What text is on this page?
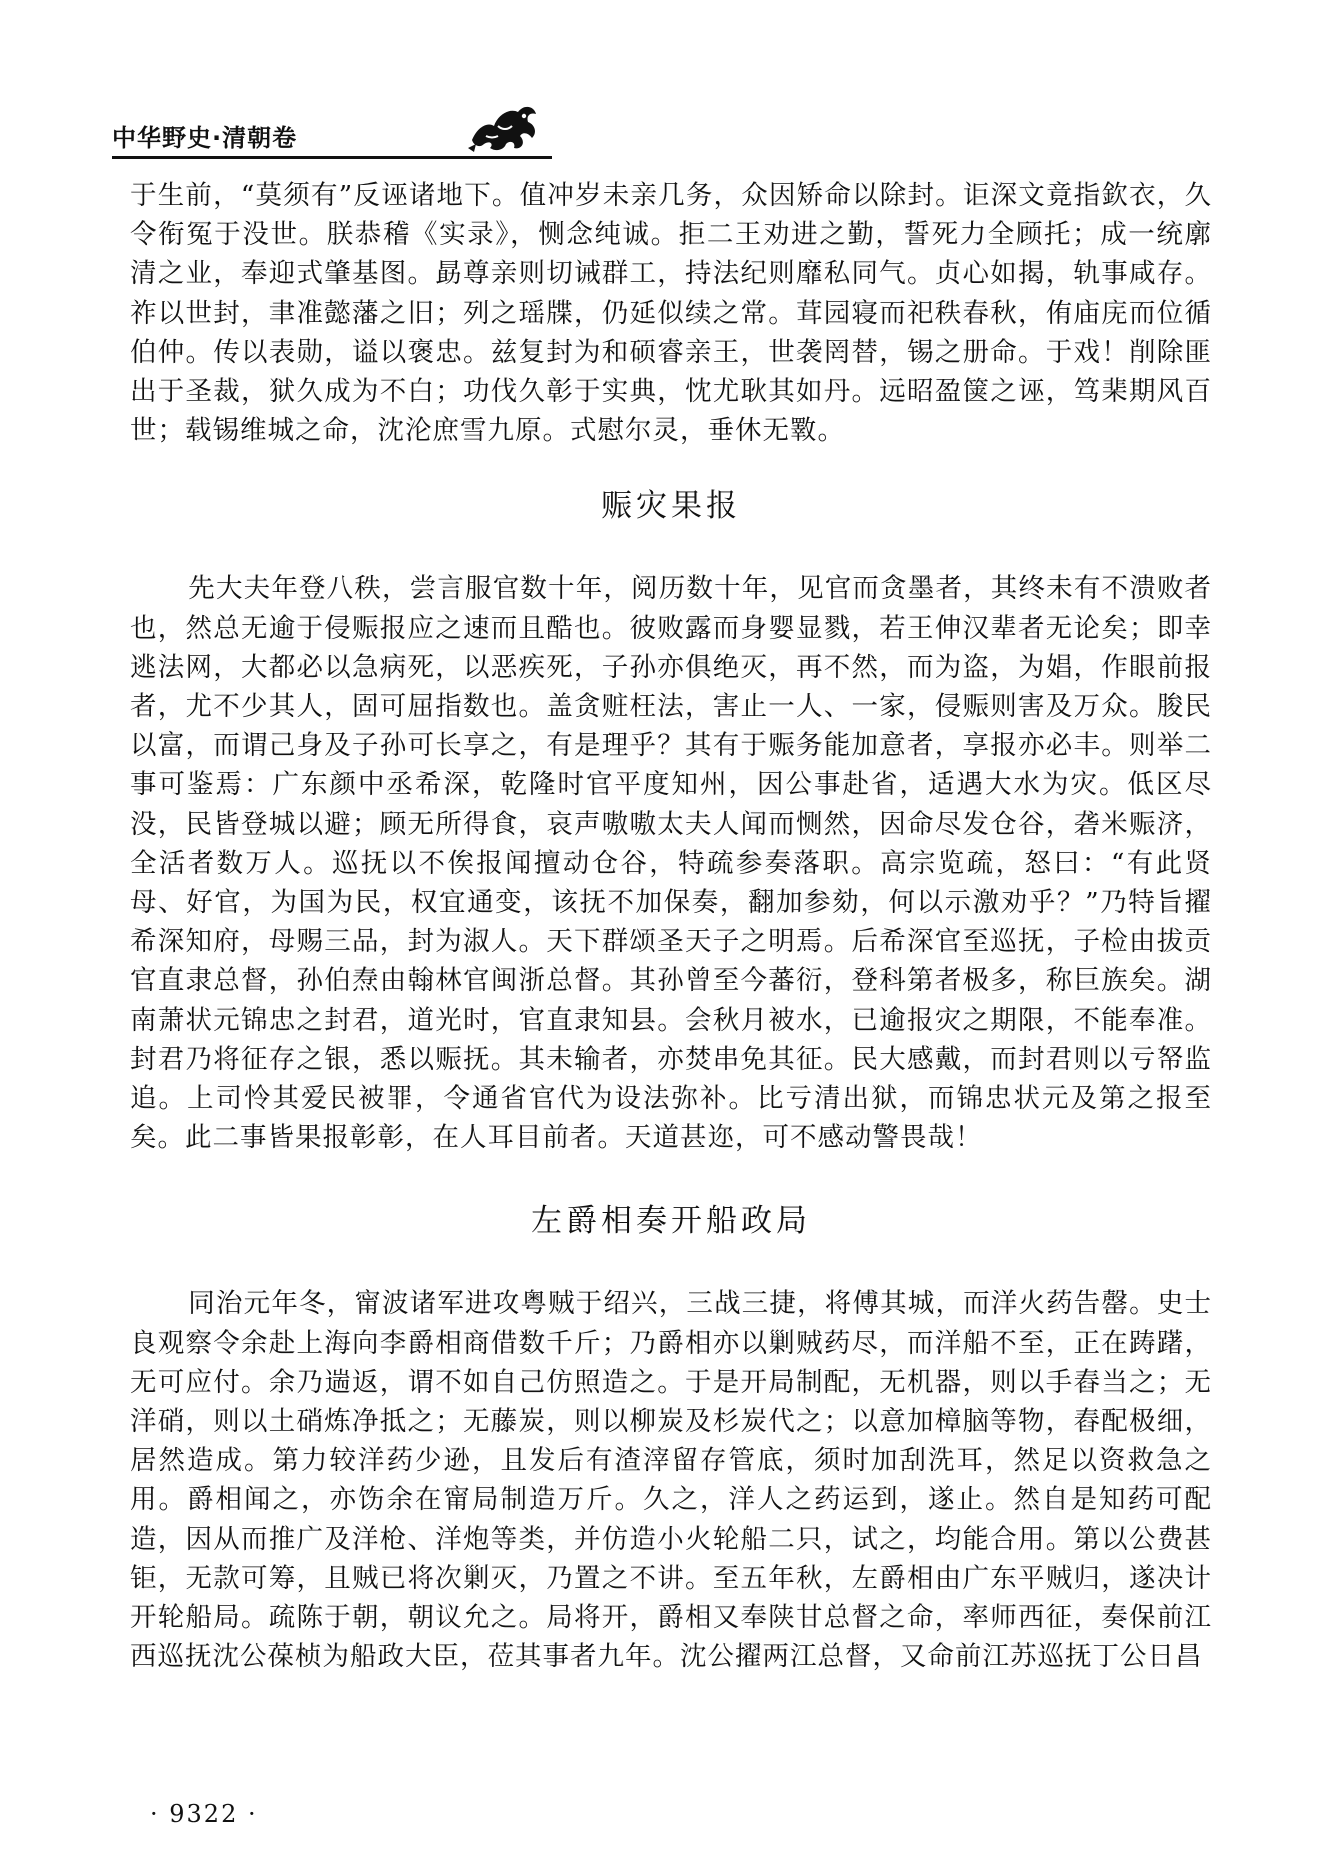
中华野史·清朝卷

于生前，“莫须有”反诬诸地下。值冲岁未亲几务，众因矫命以除封。讵深文竟指欽衣，久令衔冤于没世。朕恭稽《实录》，恻念纯诚。拒二王劝进之勤，誓死力全顾托；成一统廓清之业，奉迎式肇基图。勗尊亲则切诫群工，持法纪则靡私同气。贞心如揭，轨事咸存。祚以世封，聿准懿藩之旧；列之瑶牒，仍延似续之常。茸园寝而祀秩春秋，侑庙庑而位循伯仲。传以表勋，谥以褒忠。兹复封为和硕睿亲王，世袭罔替，锡之册命。于戏！削除匪出于圣裁，狱久成为不白；功伐久彰于实典，忱尤耿其如丹。远昭盈箧之诬，笃棐期风百世；载锡维城之命，沈沦庶雪九原。式慰尔灵，垂休无斁。

赈灾果报

先大夫年登八秩，尝言服官数十年，阅历数十年，见官而贪墨者，其终未有不溃败者也，然总无逾于侵赈报应之速而且酷也。彼败露而身婴显戮，若王伸汉辈者无论矣；即幸逃法网，大都必以急病死，以恶疾死，子孙亦俱绝灭，再不然，而为盗，为娼，作眼前报者，尤不少其人，固可屈指数也。盖贪赃枉法，害止一人、一家，侵赈则害及万众。朘民以富，而谓己身及子孙可长享之，有是理乎？其有于赈务能加意者，享报亦必丰。则举二事可鉴焉：广东颜中丞希深，乾隆时官平度知州，因公事赴省，适遇大水为灾。低区尽没，民皆登城以避；顾无所得食，哀声嗷嗷太夫人闻而恻然，因命尽发仓谷，砻米赈济，全活者数万人。巡抚以不俟报闻擅动仓谷，特疏参奏落职。高宗览疏，怒曰：“有此贤母、好官，为国为民，权宜通变，该抚不加保奏，翻加参劾，何以示激劝乎？”乃特旨擢希深知府，母赐三品，封为淑人。天下群颂圣天子之明焉。后希深官至巡抚，子检由拔贡官直隶总督，孙伯焘由翰林官闽浙总督。其孙曾至今蕃衍，登科第者极多，称巨族矣。湖南萧状元锦忠之封君，道光时，官直隶知县。会秋月被水，已逾报灾之期限，不能奉准。封君乃将征存之银，悉以赈抚。其未输者，亦焚串免其征。民大感戴，而封君则以亏帑监追。上司怜其爱民被罪，令通省官代为设法弥补。比亏清出狱，而锦忠状元及第之报至矣。此二事皆果报彰彰，在人耳目前者。天道甚迩，可不感动警畏哉！

左爵相奏开船政局

同治元年冬，甯波诸军进攻粤贼于绍兴，三战三捷，将傅其城，而洋火药告罄。史士良观察令余赴上海向李爵相商借数千斤；乃爵相亦以剿贼药尽，而洋船不至，正在踌躇，无可应付。余乃遄返，谓不如自己仿照造之。于是开局制配，无机器，则以手舂当之；无洋硝，则以土硝炼净抵之；无藤炭，则以柳炭及杉炭代之；以意加樟脑等物，舂配极细，居然造成。第力较洋药少逊，且发后有渣滓留存管底，须时加刮洗耳，然足以资救急之用。爵相闻之，亦饬余在甯局制造万斤。久之，洋人之药运到，遂止。然自是知药可配造，因从而推广及洋枪、洋炮等类，并仿造小火轮船二只，试之，均能合用。第以公费甚钜，无款可筹，且贼已将次剿灭，乃置之不讲。至五年秋，左爵相由广东平贼归，遂决计开轮船局。疏陈于朝，朝议允之。局将开，爵相又奉陕甘总督之命，率师西征，奏保前江西巡抚沈公葆桢为船政大臣，莅其事者九年。沈公擢两江总督，又命前江苏巡抚丁公日昌

· 9322 ·
